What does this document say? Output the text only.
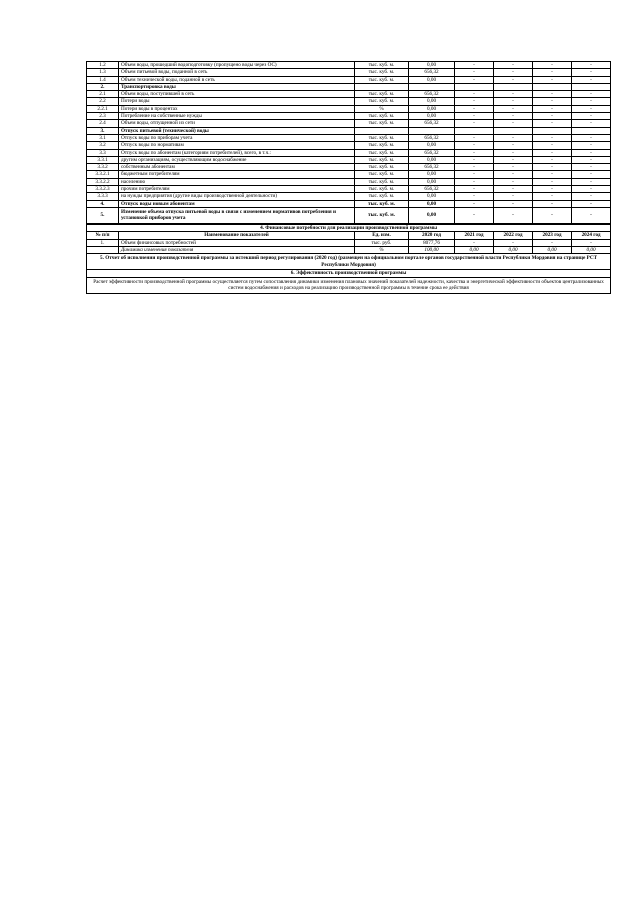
1.2	Объем воды, прошедший водоподготовку (пропущено воды через ОС)	тыс. куб. м.	0,00	-	-	-	-
1.3	Объем питьевой воды, поданной в сеть	тыс. куб. м.	656,32	-	-	-	-
1.4	Объем технической воды, поданной в сеть	тыс. куб. м.	0,00	-	-	-	-
2.	Транспортировка воды						
2.1	Объем воды, поступившей в сеть	тыс. куб. м.	656,32	-	-	-	-
2.2	Потери воды	тыс. куб. м.	0,00	-	-	-	-
2.2.1	Потери воды в процентах	%	0,00	-	-	-	-
2.3	Потребление на собственные нужды	тыс. куб. м.	0,00	-	-	-	-
2.4	Объем воды, отпущенной из сети	тыс. куб. м.	656,32	-	-	-	-
3.	Отпуск питьевой (технической) воды						
3.1	Отпуск воды по приборам учета	тыс. куб. м.	656,32	-	-	-	-
3.2	Отпуск воды по нормативам	тыс. куб. м.	0,00	-	-	-	-
3.3	Отпуск воды по абонентам (категориям потребителей), всего, в т.ч.:	тыс. куб. м.	656,32	-	-	-	-
3.3.1	другим организациям, осуществляющим водоснабжение	тыс. куб. м.	0,00	-	-	-	-
3.3.2	собственным абонентам	тыс. куб. м.	656,32	-	-	-	-
3.3.2.1	бюджетным потребителям	тыс. куб. м.	0,00	-	-	-	-
3.3.2.2	населению	тыс. куб. м.	0,00	-	-	-	-
3.3.2.3	прочим потребителям	тыс. куб. м.	656,32	-	-	-	-
3.3.3	на нужды предприятия (другие виды производственной деятельности)	тыс. куб. м.	0,00	-	-	-	-
4.	Отпуск воды новым абонентам	тыс. куб. м.	0,00	-	-	-	-
5.	Изменение объема отпуска питьевой воды в связи с изменением нормативов потребления и установкой приборов учета	тыс. куб. м.	0,00	-	-	-	-
4. Финансовые потребности для реализации производственной программы							
№ п/п	Наименование показателей	Ед. изм.	2020 год	2021 год	2022 год	2023 год	2024 год
1.	Объем финансовых потребностей	тыс. руб.	8077,76	-	-	-	-
	Динамика изменения показателя	%	100,00	0,00	0,00	0,00	0,00
5. Отчет об исполнении производственной программы за истекший период регулирования (2020 год) (размещен на официальном портале органов государственной власти Республики Мордовия на странице РСТ Республики Мордовия)							
6. Эффективность производственной программы							
Расчет эффективности производственной программы осуществляется путем сопоставления динамики изменения плановых значений показателей надежности, качества и энергетической эффективности объектов централизованных систем водоснабжения и расходов на реализацию производственной программы в течение срока ее действия							
